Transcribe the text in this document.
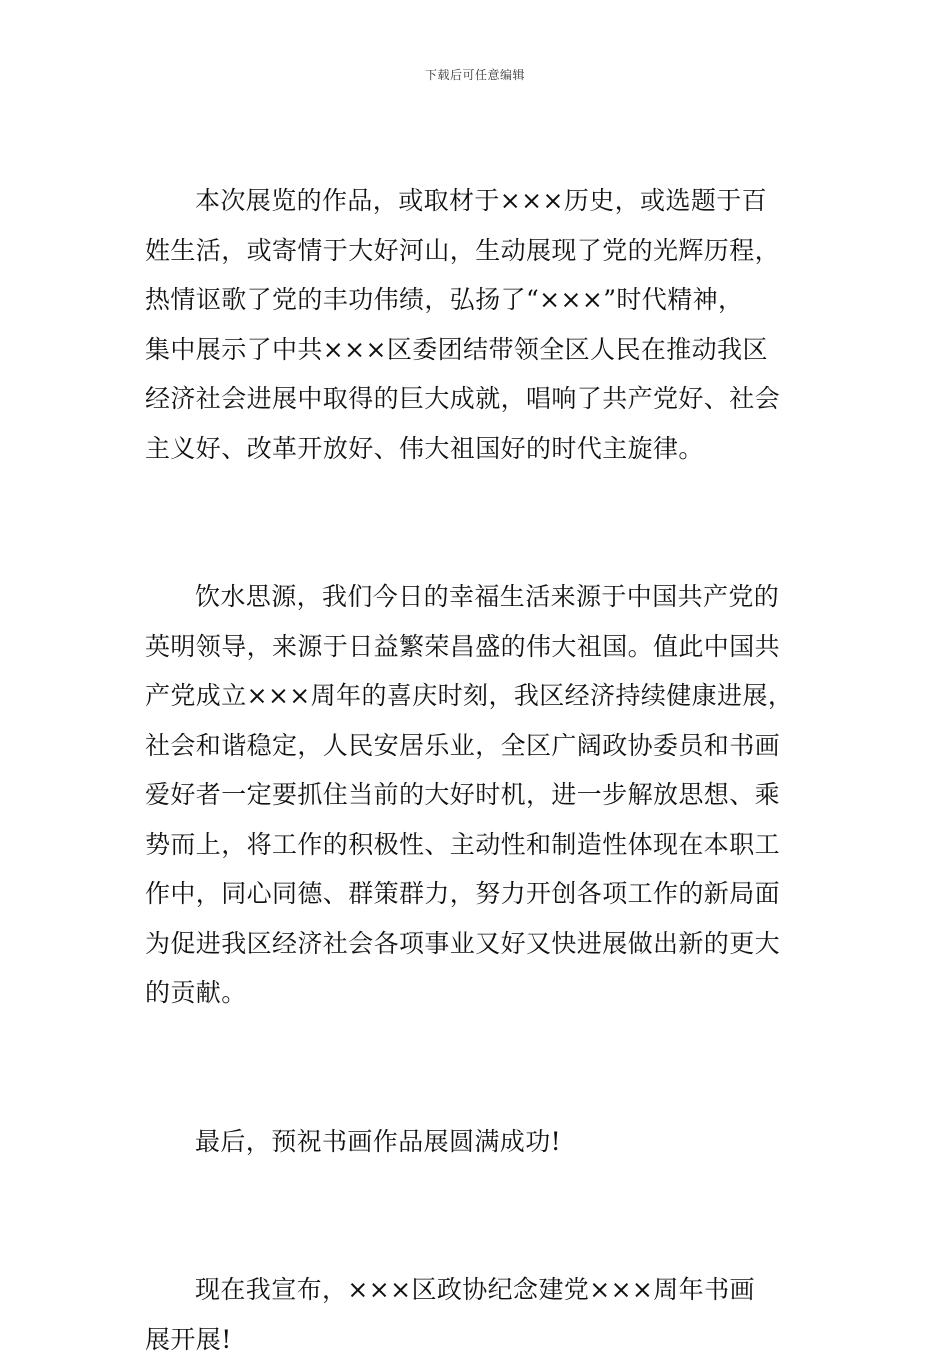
下载后可任意编辑
本次展览的作品，或取材于×××历史，或选题于百
姓生活，或寄情于大好河山，生动展现了党的光辉历程，
热情讴歌了党的丰功伟绩，弘扬了“×××”时代精神，
集中展示了中共×××区委团结带领全区人民在推动我区
经济社会进展中取得的巨大成就，唱响了共产党好、社会
主义好、改革开放好、伟大祖国好的时代主旋律。
饮水思源，我们今日的幸福生活来源于中国共产党的
英明领导，来源于日益繁荣昌盛的伟大祖国。值此中国共
产党成立×××周年的喜庆时刻，我区经济持续健康进展，
社会和谐稳定，人民安居乐业，全区广阔政协委员和书画
爱好者一定要抓住当前的大好时机，进一步解放思想、乘
势而上，将工作的积极性、主动性和制造性体现在本职工
作中，同心同德、群策群力，努力开创各项工作的新局面
为促进我区经济社会各项事业又好又快进展做出新的更大
的贡献。
最后，预祝书画作品展圆满成功!
现在我宣布，×××区政协纪念建党×××周年书画
展开展!
